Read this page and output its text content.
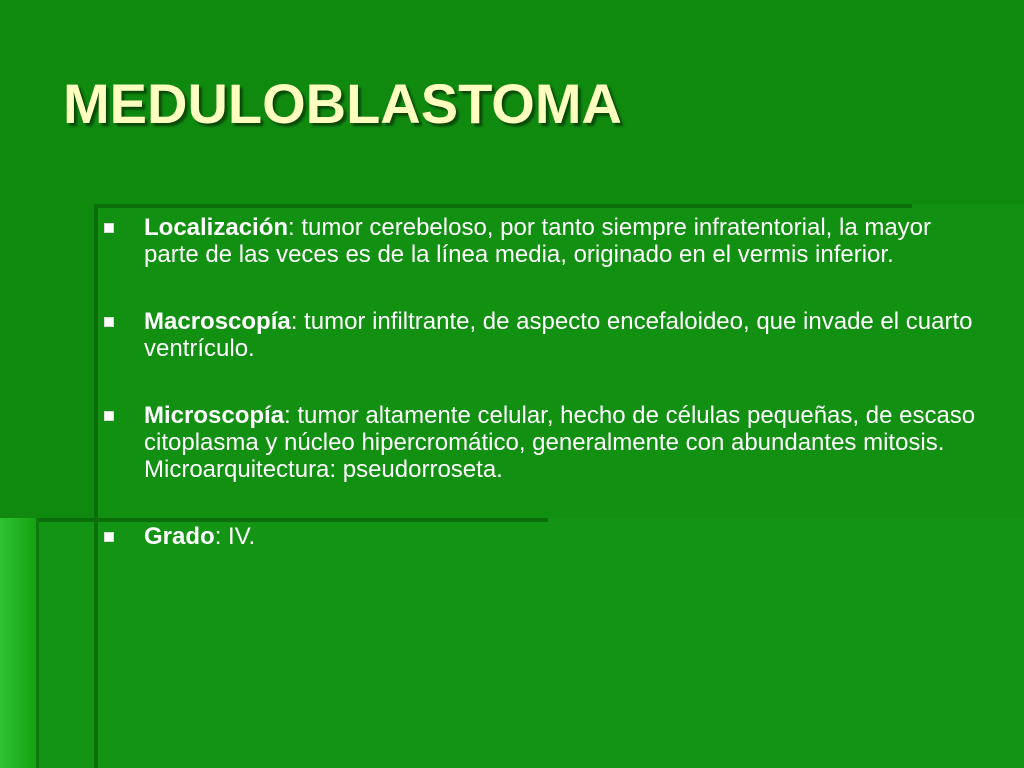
MEDULOBLASTOMA
Localización: tumor cerebeloso, por tanto siempre infratentorial, la mayor parte de las veces es de la línea media, originado en el vermis inferior.
Macroscopía: tumor infiltrante, de aspecto encefaloideo, que invade el cuarto ventrículo.
Microscopía: tumor altamente celular, hecho de células pequeñas, de escaso citoplasma y núcleo hipercromático, generalmente con abundantes mitosis. Microarquitectura: pseudorroseta.
Grado: IV.
